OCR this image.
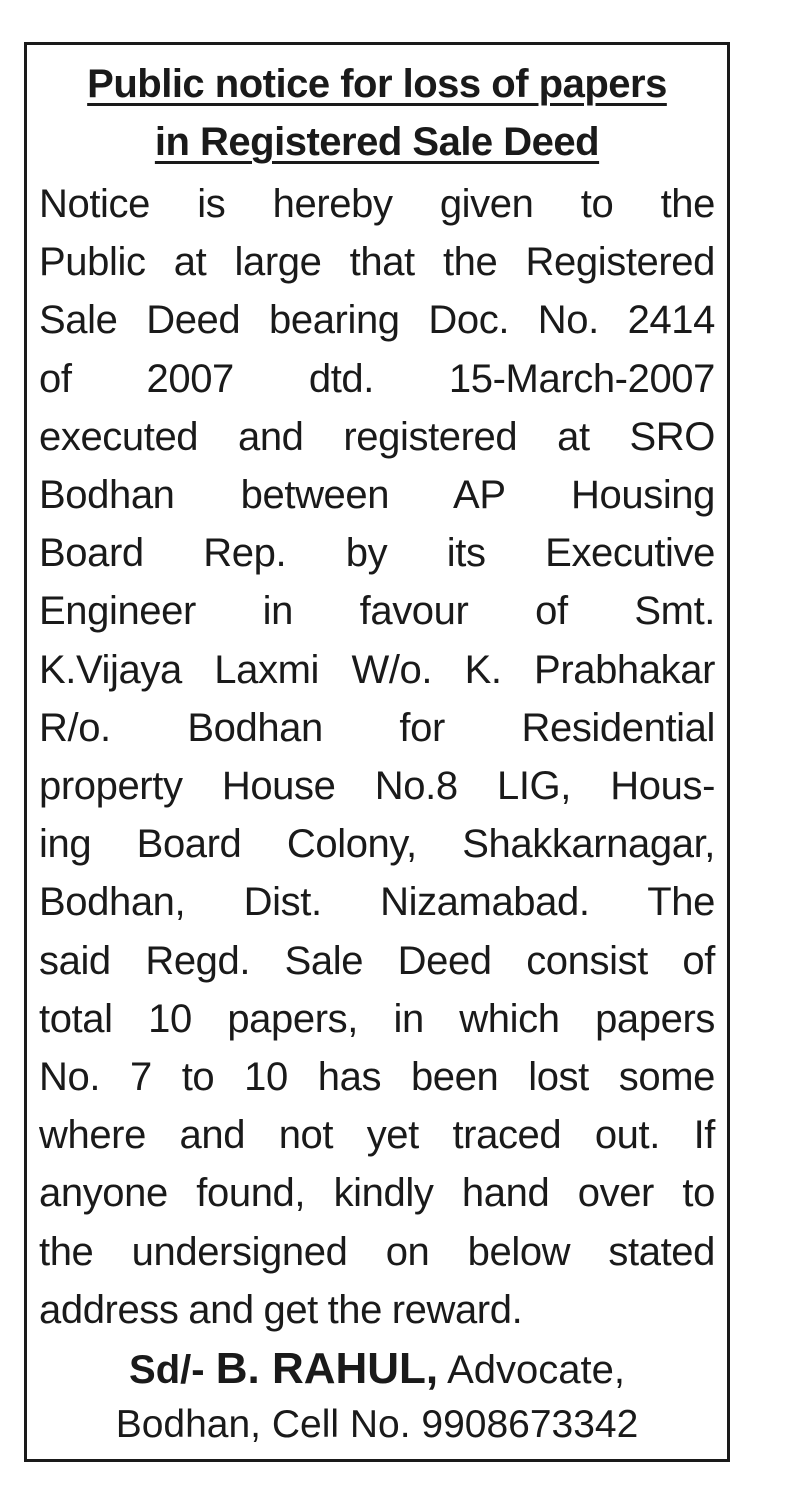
Public notice for loss of papers
in Registered Sale Deed
Notice is hereby given to the
Public at large that the Registered
Sale Deed bearing Doc. No. 2414
of 2007 dtd. 15-March-2007
executed and registered at SRO
Bodhan between AP Housing
Board Rep. by its Executive
Engineer in favour of Smt.
K.Vijaya Laxmi W/o. K. Prabhakar
R/o. Bodhan for Residential
property House No.8 LIG, Hous-
ing Board Colony, Shakkarnagar,
Bodhan, Dist. Nizamabad. The
said Regd. Sale Deed consist of
total 10 papers, in which papers
No. 7 to 10 has been lost some
where and not yet traced out. If
anyone found, kindly hand over to
the undersigned on below stated
address and get the reward.
Sd/- B. RAHUL, Advocate,
Bodhan, Cell No. 9908673342
